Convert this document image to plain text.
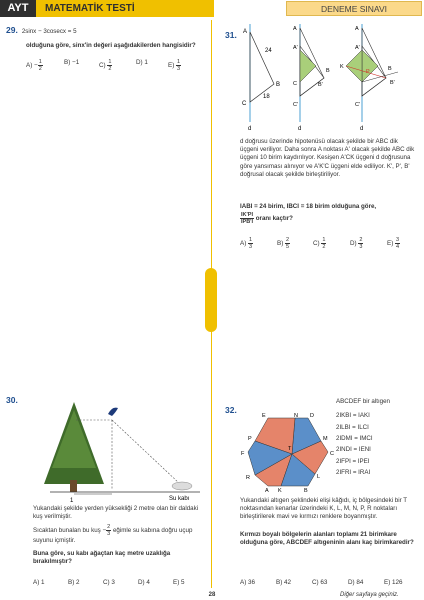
AYT	MATEMATİK TESTİ	DENEME SINAVI
29. 2sinx − 3cosecx = 5
olduğuna göre, sinx'in değeri aşağıdakilerden hangisidir?
$A) - \frac{1}{2}$	B) −1	$C) \frac{1}{2}$	D) 1	$E) \frac{1}{3}$
31. A
B
C
24
18
d
A
A'
B
B'
C
C'
d
A
A'
K
P	B
B'
C'
d
d doğrusu üzerinde hipotenüsü olacak şekilde bir ABC dik üçgeni veriliyor. Daha sonra A noktası A' olacak şekilde ABC dik üçgeni 10 birim kaydırılıyor. Kesişen A'CK üçgeni d doğrusuna göre yansıması alınıyor ve A'K'C üçgeni elde ediliyor. K', P', B' doğrusal olacak şekilde birleştiriliyor.
IABI = 24 birim, IBCI = 18 birim olduğuna göre,
$\frac{IK'PI}{\text{IPB'I}}$ oranı kaçtır?
$A) \frac{1}{3}$	$B) \frac{2}{5}$	$C) \frac{1}{2}$	$D) \frac{2}{3}$	$E) \frac{3}{4}$
30.
1	Su kabı
Yukarıdaki şekilde yerden yüksekliği 2 metre olan bir daldaki kuş verilmiştir.
Sıcaktan bunalan bu kuş − $\frac{2}{3}$ eğimle su kabına doğru uçup suyunu içmiştir.
Buna göre, su kabı ağaçtan kaç metre uzaklığa bırakılmıştır?
A) 1	B) 2	C) 3	D) 4	E) 5
32.
A	B
C
D
E
F
K
L
M
N
P
R
T
ABCDEF bir altıgen
2IKBI = IAKI
2ILBI = ILCI
2IDMI = IMCI
2INDI = IENI
2IFPI = IPEI
2IFRI = IRAI
Yukarıdaki altıgen şeklindeki elişi kâğıdı, iç bölgesindeki bir T noktasından kenarlar üzerindeki K, L, M, N, P, R noktaları birleştirilerek mavi ve kırmızı renklere boyanmıştır.
Kırmızı boyalı bölgelerin alanları toplamı 21 birimkare olduğuna göre, ABCDEF altıgeninin alanı kaç birimkaredir?
A) 36	B) 42	C) 63	D) 84	E) 126
28	Diğer sayfaya geçiniz.
